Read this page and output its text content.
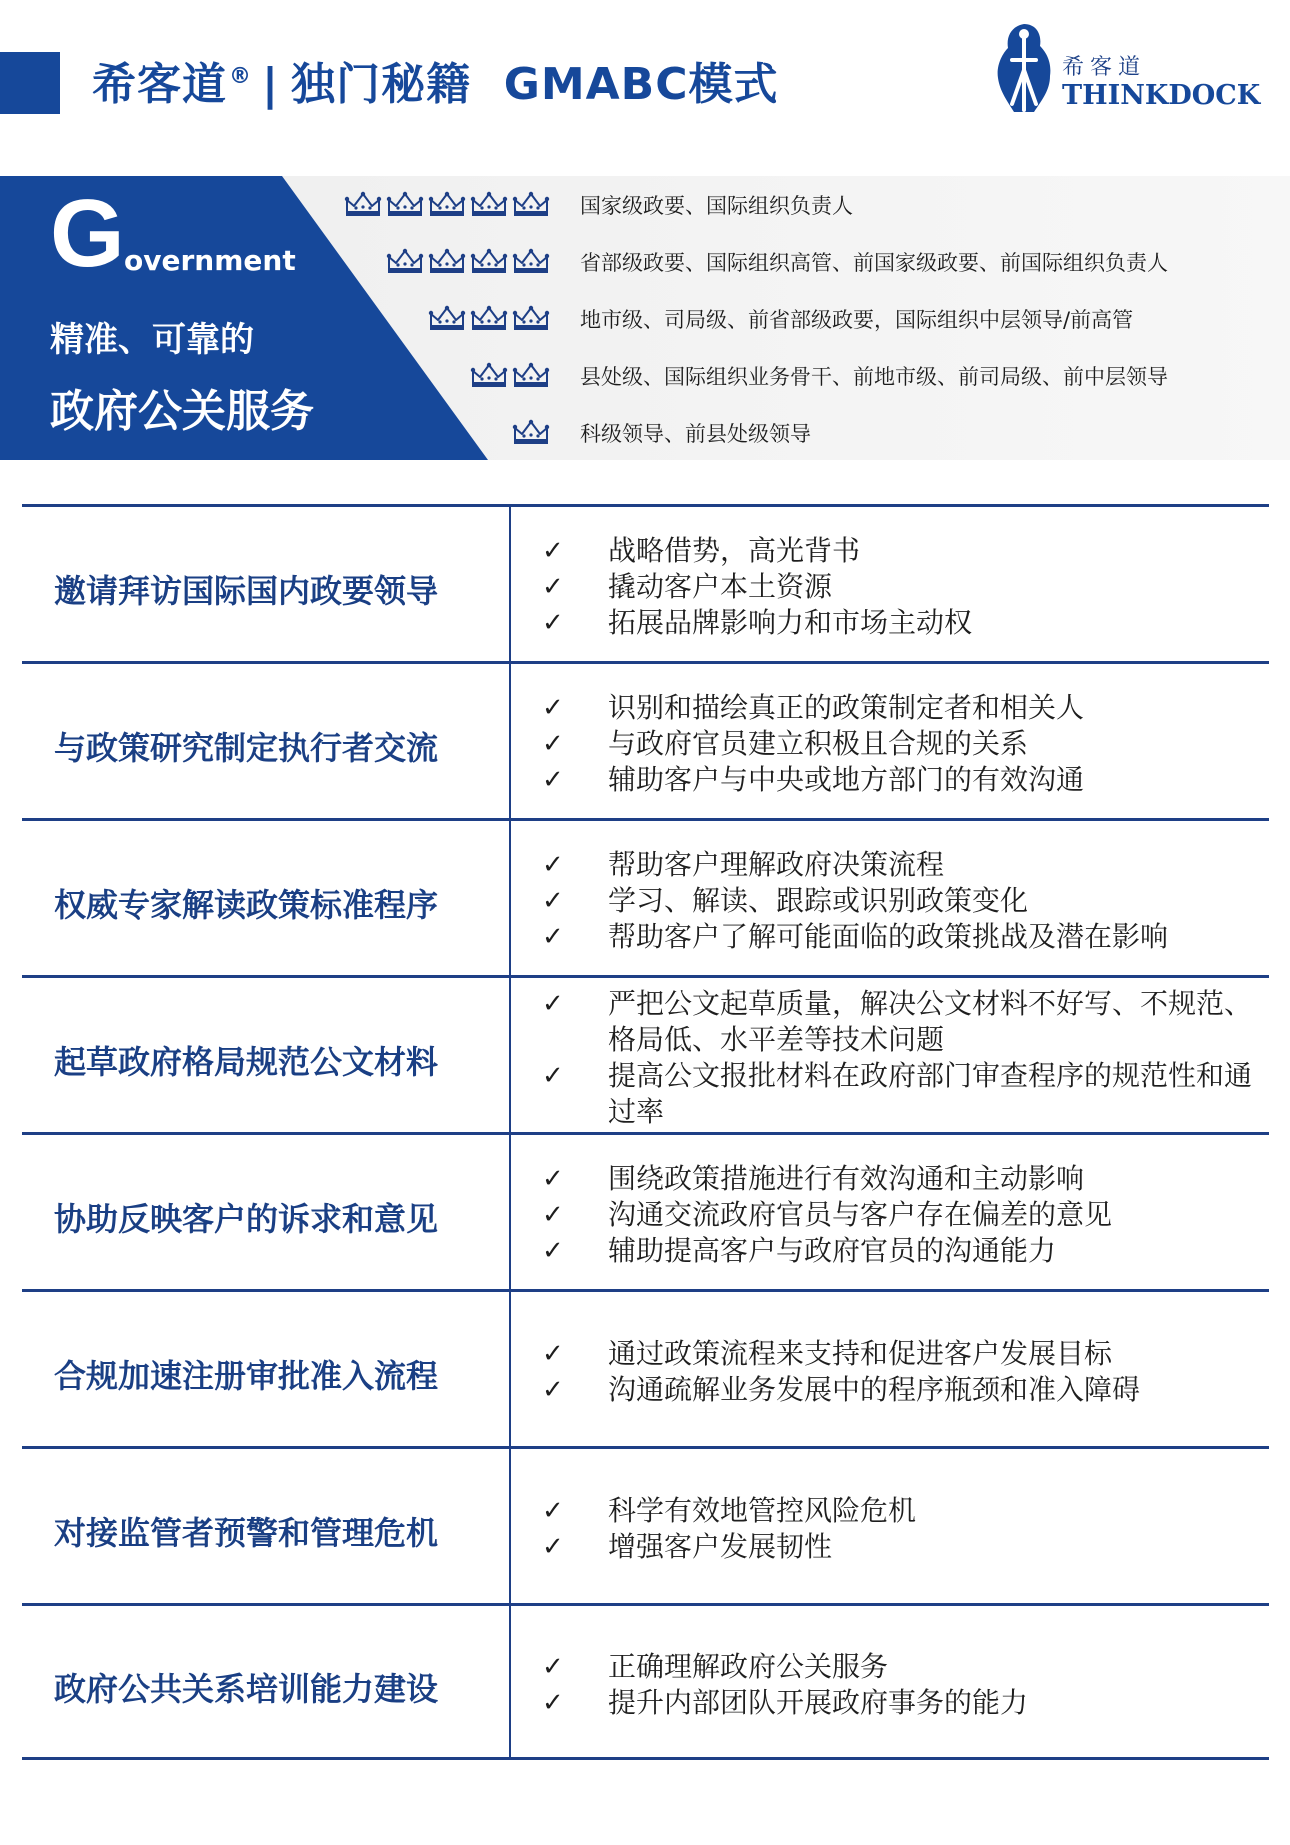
希客道® | 独门秘籍  GMABC模式	希客道
THINKDOCK
G overnment
精准、可靠的
政府公关服务
国家级政要、国际组织负责人
省部级政要、国际组织高管、前国家级政要、前国际组织负责人
地市级、司局级、前省部级政要，国际组织中层领导/前高管
县处级、国际组织业务骨干、前地市级、前司局级、前中层领导
科级领导、前县处级领导
邀请拜访国际国内政要领导
✓ 战略借势，高光背书
✓ 撬动客户本土资源
✓ 拓展品牌影响力和市场主动权
与政策研究制定执行者交流
✓ 识别和描绘真正的政策制定者和相关人
✓ 与政府官员建立积极且合规的关系
✓ 辅助客户与中央或地方部门的有效沟通
权威专家解读政策标准程序
✓ 帮助客户理解政府决策流程
✓ 学习、解读、跟踪或识别政策变化
✓ 帮助客户了解可能面临的政策挑战及潜在影响
起草政府格局规范公文材料
✓ 严把公文起草质量，解决公文材料不好写、不规范、格局低、水平差等技术问题
✓ 提高公文报批材料在政府部门审查程序的规范性和通过率
协助反映客户的诉求和意见
✓ 围绕政策措施进行有效沟通和主动影响
✓ 沟通交流政府官员与客户存在偏差的意见
✓ 辅助提高客户与政府官员的沟通能力
合规加速注册审批准入流程
✓ 通过政策流程来支持和促进客户发展目标
✓ 沟通疏解业务发展中的程序瓶颈和准入障碍
对接监管者预警和管理危机
✓ 科学有效地管控风险危机
✓ 增强客户发展韧性
政府公共关系培训能力建设
✓ 正确理解政府公关服务
✓ 提升内部团队开展政府事务的能力
